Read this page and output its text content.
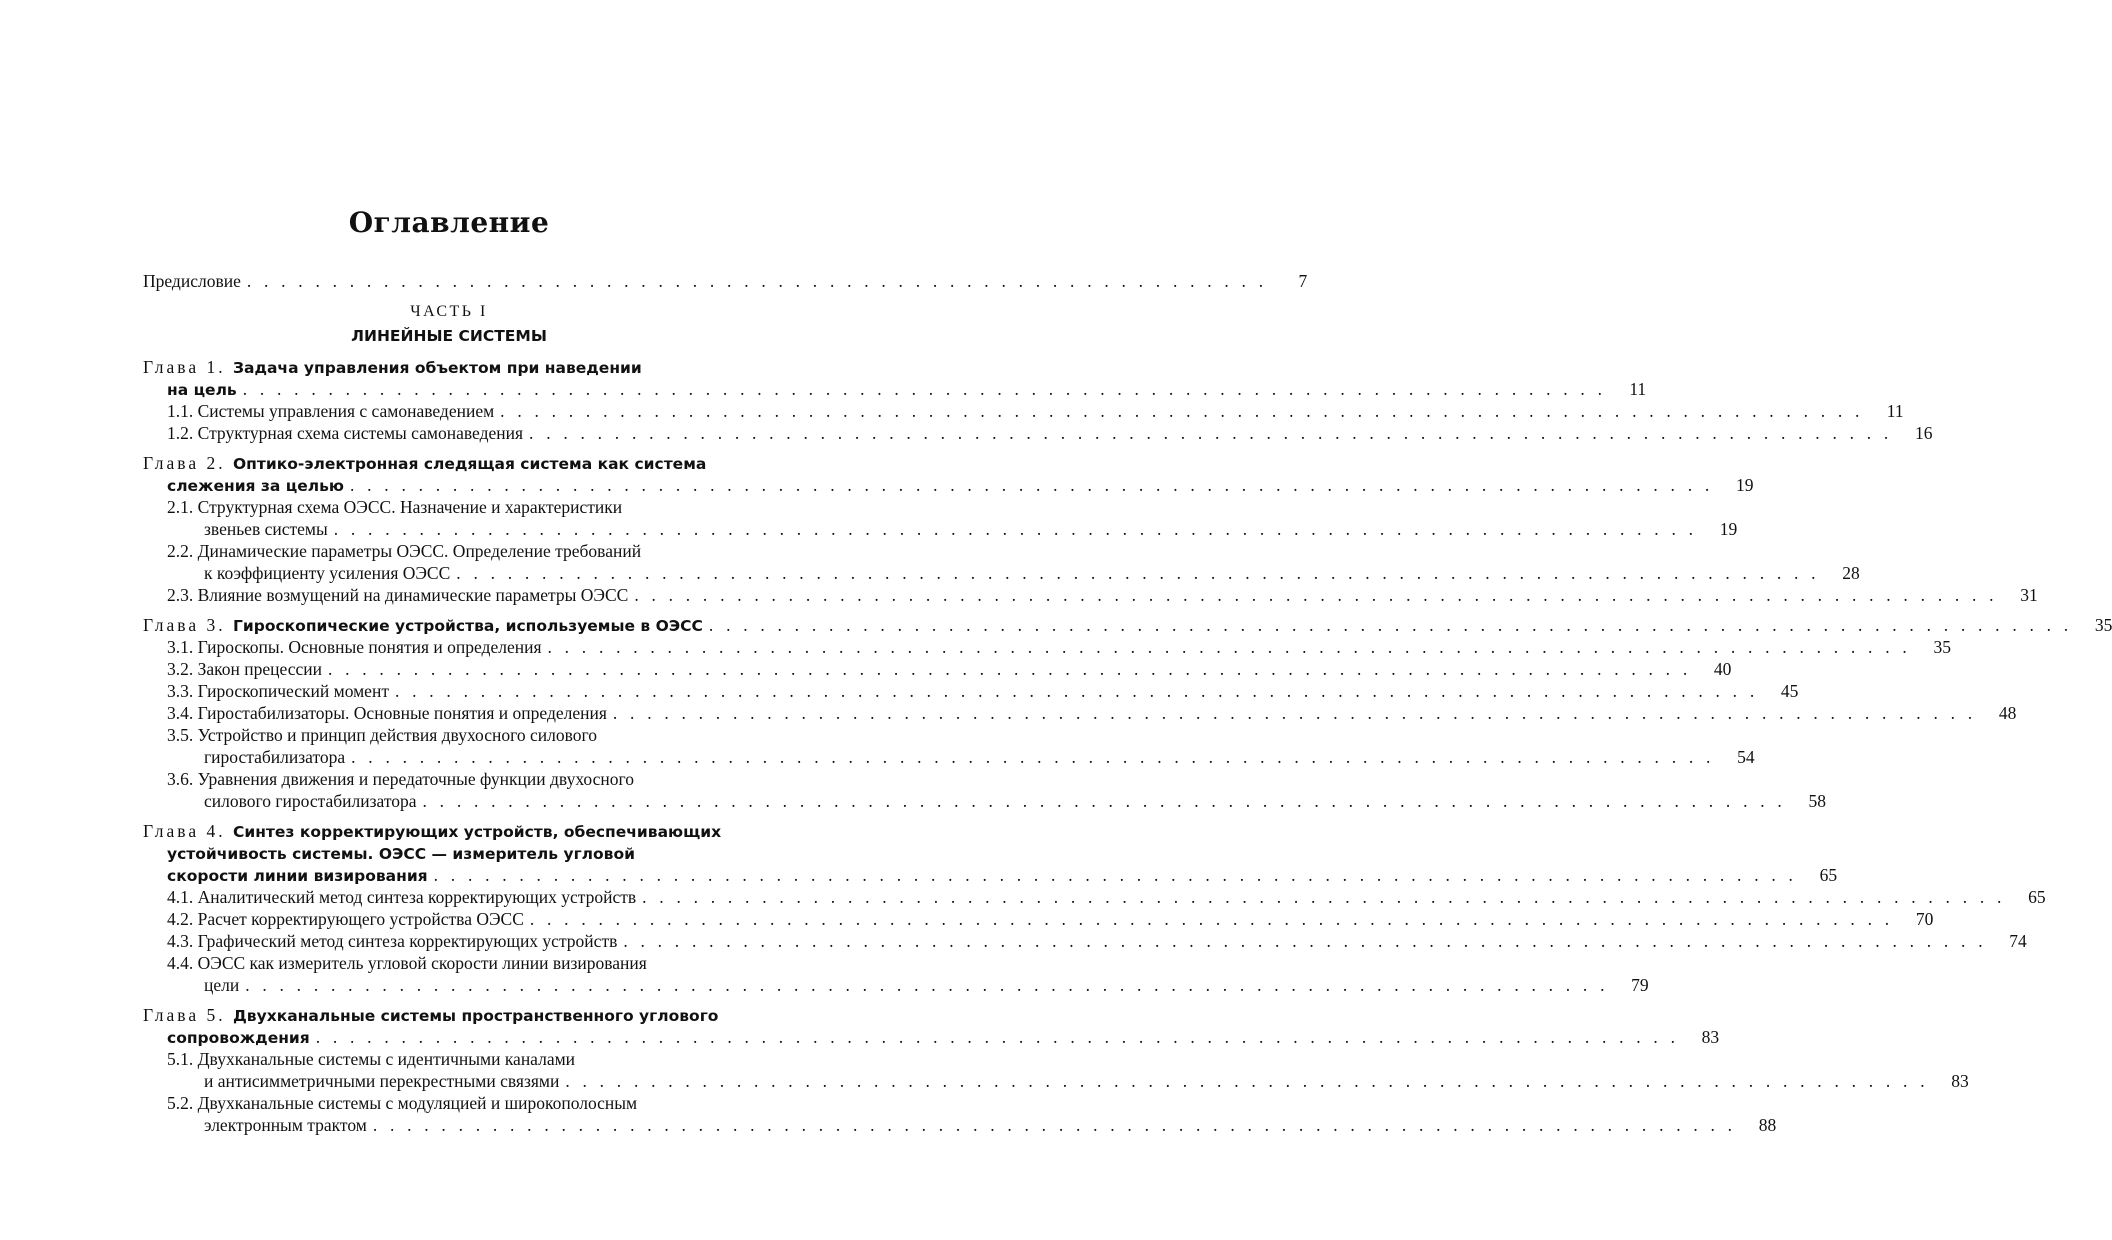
Оглавление
Предисловие . . . . . . . . . . . . . . . . . . . . . . . . . . . . . . . . . . . . . . . . . . . . . . . . . . . . . . . . . . . .	7
ЧАСТЬ I
ЛИНЕЙНЫЕ СИСТЕМЫ
Глава 1. Задача управления объектом при наведении
на цель . . . . . . . . . . . . . . . . . . . . . . . . . . . . . . . . . . . . . . . . . . . . . . . . . . . . . . . . . . . . . . . . . . . . . . . . . . . . . . . .	11
1.1. Системы управления с самонаведением . . . . . . . . . . . . . . . . . . . . . . . . . . . . . . . . . . . . . . . . . . . . . . . . . . . . . . . . . . . . . . . . . . . . . . . . . . . . . . . .	11
1.2. Структурная схема системы самонаведения . . . . . . . . . . . . . . . . . . . . . . . . . . . . . . . . . . . . . . . . . . . . . . . . . . . . . . . . . . . . . . . . . . . . . . . . . . . . . . . .	16
Глава 2. Оптико-электронная следящая система как система
слежения за целью . . . . . . . . . . . . . . . . . . . . . . . . . . . . . . . . . . . . . . . . . . . . . . . . . . . . . . . . . . . . . . . . . . . . . . . . . . . . . . . .	19
2.1. Структурная схема ОЭСС. Назначение и характеристики
звеньев системы . . . . . . . . . . . . . . . . . . . . . . . . . . . . . . . . . . . . . . . . . . . . . . . . . . . . . . . . . . . . . . . . . . . . . . . . . . . . . . . .	19
2.2. Динамические параметры ОЭСС. Определение требований
к коэффициенту усиления ОЭСС . . . . . . . . . . . . . . . . . . . . . . . . . . . . . . . . . . . . . . . . . . . . . . . . . . . . . . . . . . . . . . . . . . . . . . . . . . . . . . . .	28
2.3. Влияние возмущений на динамические параметры ОЭСС . . . . . . . . . . . . . . . . . . . . . . . . . . . . . . . . . . . . . . . . . . . . . . . . . . . . . . . . . . . . . . . . . . . . . . . . . . . . . . . .	31
Глава 3. Гироскопические устройства, используемые в ОЭСС . . . . . . . . . . . . . . . . . . . . . . . . . . . . . . . . . . . . . . . . . . . . . . . . . . . . . . . . . . . . . . . . . . . . . . . . . . . . . . . .	35
3.1. Гироскопы. Основные понятия и определения . . . . . . . . . . . . . . . . . . . . . . . . . . . . . . . . . . . . . . . . . . . . . . . . . . . . . . . . . . . . . . . . . . . . . . . . . . . . . . . .	35
3.2. Закон прецессии . . . . . . . . . . . . . . . . . . . . . . . . . . . . . . . . . . . . . . . . . . . . . . . . . . . . . . . . . . . . . . . . . . . . . . . . . . . . . . . .	40
3.3. Гироскопический момент . . . . . . . . . . . . . . . . . . . . . . . . . . . . . . . . . . . . . . . . . . . . . . . . . . . . . . . . . . . . . . . . . . . . . . . . . . . . . . . .	45
3.4. Гиростабилизаторы. Основные понятия и определения . . . . . . . . . . . . . . . . . . . . . . . . . . . . . . . . . . . . . . . . . . . . . . . . . . . . . . . . . . . . . . . . . . . . . . . . . . . . . . . .	48
3.5. Устройство и принцип действия двухосного силового
гиростабилизатора . . . . . . . . . . . . . . . . . . . . . . . . . . . . . . . . . . . . . . . . . . . . . . . . . . . . . . . . . . . . . . . . . . . . . . . . . . . . . . . .	54
3.6. Уравнения движения и передаточные функции двухосного
силового гиростабилизатора . . . . . . . . . . . . . . . . . . . . . . . . . . . . . . . . . . . . . . . . . . . . . . . . . . . . . . . . . . . . . . . . . . . . . . . . . . . . . . . .	58
Глава 4. Синтез корректирующих устройств, обеспечивающих
устойчивость системы. ОЭСС — измеритель угловой
скорости линии визирования . . . . . . . . . . . . . . . . . . . . . . . . . . . . . . . . . . . . . . . . . . . . . . . . . . . . . . . . . . . . . . . . . . . . . . . . . . . . . . . .	65
4.1. Аналитический метод синтеза корректирующих устройств . . . . . . . . . . . . . . . . . . . . . . . . . . . . . . . . . . . . . . . . . . . . . . . . . . . . . . . . . . . . . . . . . . . . . . . . . . . . . . . .	65
4.2. Расчет корректирующего устройства ОЭСС . . . . . . . . . . . . . . . . . . . . . . . . . . . . . . . . . . . . . . . . . . . . . . . . . . . . . . . . . . . . . . . . . . . . . . . . . . . . . . . .	70
4.3. Графический метод синтеза корректирующих устройств . . . . . . . . . . . . . . . . . . . . . . . . . . . . . . . . . . . . . . . . . . . . . . . . . . . . . . . . . . . . . . . . . . . . . . . . . . . . . . . .	74
4.4. ОЭСС как измеритель угловой скорости линии визирования
цели . . . . . . . . . . . . . . . . . . . . . . . . . . . . . . . . . . . . . . . . . . . . . . . . . . . . . . . . . . . . . . . . . . . . . . . . . . . . . . . .	79
Глава 5. Двухканальные системы пространственного углового
сопровождения . . . . . . . . . . . . . . . . . . . . . . . . . . . . . . . . . . . . . . . . . . . . . . . . . . . . . . . . . . . . . . . . . . . . . . . . . . . . . . . .	83
5.1. Двухканальные системы с идентичными каналами
и антисимметричными перекрестными связями . . . . . . . . . . . . . . . . . . . . . . . . . . . . . . . . . . . . . . . . . . . . . . . . . . . . . . . . . . . . . . . . . . . . . . . . . . . . . . . .	83
5.2. Двухканальные системы с модуляцией и широкополосным
электронным трактом . . . . . . . . . . . . . . . . . . . . . . . . . . . . . . . . . . . . . . . . . . . . . . . . . . . . . . . . . . . . . . . . . . . . . . . . . . . . . . . .	88
